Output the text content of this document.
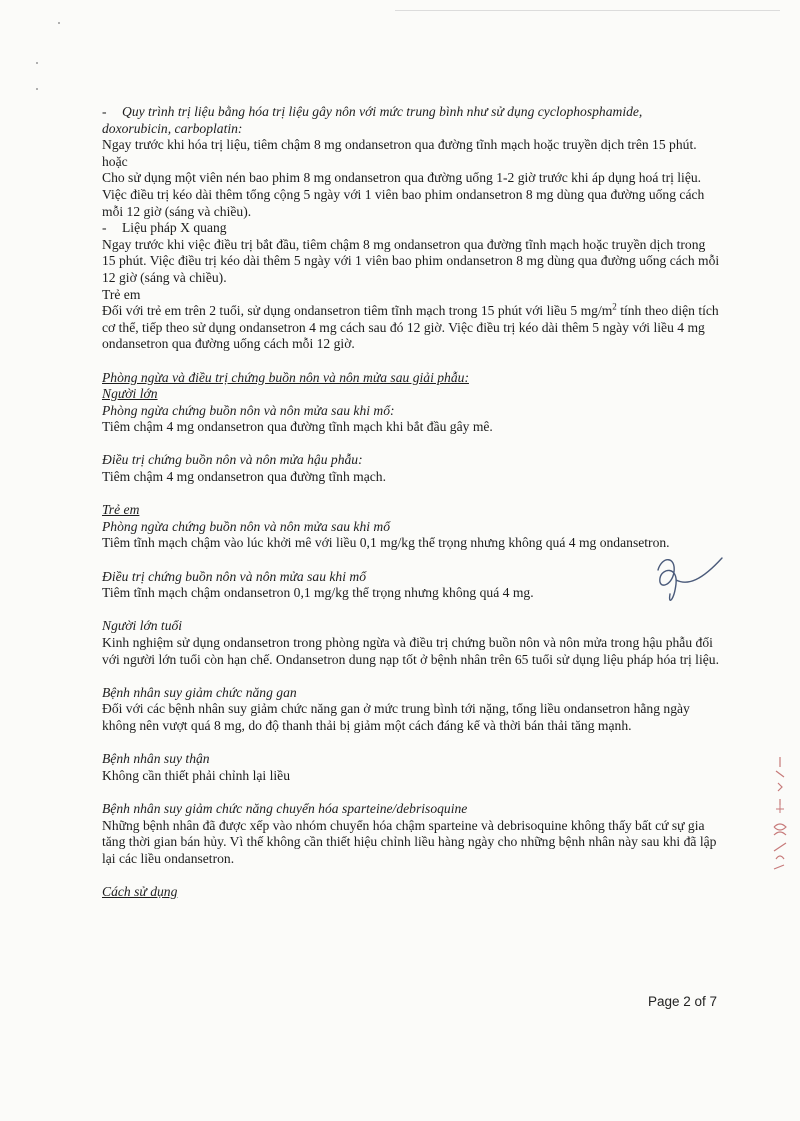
- Quy trình trị liệu bằng hóa trị liệu gây nôn với mức trung bình như sử dụng cyclophosphamide,

doxorubicin, carboplatin:

Ngay trước khi hóa trị liệu, tiêm chậm 8 mg ondansetron qua đường tĩnh mạch hoặc truyền dịch trên 15 phút.

hoặc

Cho sử dụng một viên nén bao phim 8 mg ondansetron qua đường uống 1-2 giờ trước khi áp dụng hoá trị liệu. Việc điều trị kéo dài thêm tổng cộng 5 ngày với 1 viên bao phim ondansetron 8 mg dùng qua đường uống cách mỗi 12 giờ (sáng và chiều).

- Liệu pháp X quang

Ngay trước khi việc điều trị bắt đầu, tiêm chậm 8 mg ondansetron qua đường tĩnh mạch hoặc truyền dịch trong 15 phút. Việc điều trị kéo dài thêm 5 ngày với 1 viên bao phim ondansetron 8 mg dùng qua đường uống cách mỗi 12 giờ (sáng và chiều).

Trẻ em

Đối với trẻ em trên 2 tuổi, sử dụng ondansetron tiêm tĩnh mạch trong 15 phút với liều 5 $mg/m^2$ tính theo diện tích cơ thể, tiếp theo sử dụng ondansetron 4 mg cách sau đó 12 giờ. Việc điều trị kéo dài thêm 5 ngày với liều 4 mg ondansetron qua đường uống cách mỗi 12 giờ.

Phòng ngừa và điều trị chứng buồn nôn và nôn mửa sau giải phẫu:

Người lớn

Phòng ngừa chứng buồn nôn và nôn mửa sau khi mổ:

Tiêm chậm 4 mg ondansetron qua đường tĩnh mạch khi bắt đầu gây mê.

Điều trị chứng buồn nôn và nôn mửa hậu phẫu:

Tiêm chậm 4 mg ondansetron qua đường tĩnh mạch.

Trẻ em

Phòng ngừa chứng buồn nôn và nôn mửa sau khi mổ

Tiêm tĩnh mạch chậm vào lúc khởi mê với liều 0,1 mg/kg thể trọng nhưng không quá 4 mg ondansetron.

Điều trị chứng buồn nôn và nôn mửa sau khi mổ

Tiêm tĩnh mạch chậm ondansetron 0,1 mg/kg thể trọng nhưng không quá 4 mg.

Người lớn tuổi

Kinh nghiệm sử dụng ondansetron trong phòng ngừa và điều trị chứng buồn nôn và nôn mửa trong hậu phẫu đối với người lớn tuổi còn hạn chế. Ondansetron dung nạp tốt ở bệnh nhân trên 65 tuổi sử dụng liệu pháp hóa trị liệu.

Bệnh nhân suy giảm chức năng gan

Đối với các bệnh nhân suy giảm chức năng gan ở mức trung bình tới nặng, tổng liều ondansetron hằng ngày không nên vượt quá 8 mg, do độ thanh thải bị giảm một cách đáng kể và thời bán thải tăng mạnh.

Bệnh nhân suy thận

Không cần thiết phải chỉnh lại liều

Bệnh nhân suy giảm chức năng chuyển hóa sparteine/debrisoquine

Những bệnh nhân đã được xếp vào nhóm chuyển hóa chậm sparteine và debrisoquine không thấy bất cứ sự gia tăng thời gian bán hủy. Vì thế không cần thiết hiệu chỉnh liều hàng ngày cho những bệnh nhân này sau khi đã lập lại các liều ondansetron.

Cách sử dụng

Page 2 of 7
